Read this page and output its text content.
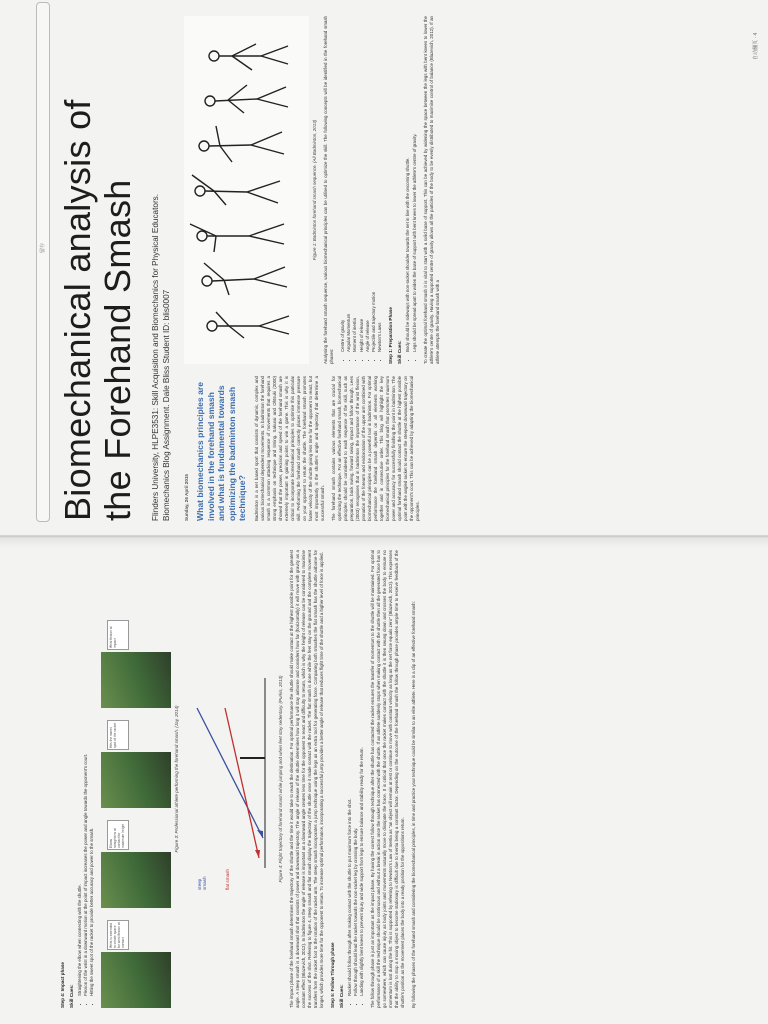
Biomechanical analysis of the Forehand Smash Flinders University, HLPE3531: Skill Acquisition and Biomechanics for Physical Educators. Biomechanics Blog Assignment. Dale Bliss Student ID: blis0007	Sunday, 26 April 2015 What biomechanics principles are involved in the forehand smash and what is fundamental towards optimizing the badminton smash technique? Badminton is a net based sport that consists of dynamic, complex and various biomechanical dependent movements. In badminton the forehand smash is a common attacking sequence of movements that requires a strong emphasis on technique and timing. Sakurai and Ohtsuki (2000) showed that the power, precision and speed of the forehand smash are extremely important in gaining points to win a game. This is why it is critical to incorporate biomechanical principles to optimise this particular skill. Performing the forehand smash correctly places immense pressure on your opponent to return the shuttle. The forehand smash promotes faster velocity of the shuttle giving less time for the opponent to react, but most importantly is the shuttle's angle and trajectory that determine a successful smash. The forehand smash contains various elements that are crucial for optimizing the technique. For an effective forehand smash, biomechanical principles should be considered to each sequence of the skill, such as preparation, back swing, forward swing, impact and follow through. Lees (2003) recognises that in badminton the importance of the wrist flexion, pronation of the forearm and endorotation of the upper arm combined with biomechanical principles can be a powerful tool in badminton. For optimal performance the forehand smash depends on all elements working together and in consecutive order. This blog will highlight the key biomechanical principles for the forehand smash that promotes maximum power and accuracy for successfully finishing the point in badminton. The optimal forehand smash should contact the shuttle at the highest possible point with the angled racket to ensure the steepest downward trajectory on the opponent's court. This can be achieved by adapting the biomechanical principles.

Figure 1: Badminton forehand smash sequence. (All Badminton, 2013) Analysing the forehand smash sequence, various biomechanical principles can be utilised to optimize the skill. The following concepts will be identified in the forehand smash phases:

• Centre of gravity • Angular Momentum • Moment of inertia • Height of release • Angle of release • Projectile and trajectory motion • Newton's Laws Step 1: Preparation Phase Skill Cues:
• Body should be sideways with non-racket shoulder towards the net in line with the oncoming shuttle. • Legs should be spread apart to widen the base of support with bent knees to lower the athlete's centre of gravity. To create the optimal forehand smash it is vital to start with a solid base of support. This can be achieved by widening the space between the legs with bent knees to lower the athlete's centre of gravity. Having a supported centre of gravity allows all the particles of the body to be evenly distributed to maximise control of balance (Blazevich, 2012). If an athlete attempts the forehand smash with a

Step 4: Impact phase Skill Cues:
• Straightening the elbow when connecting with the shuttle. • Flexion of the wrist in a downward motion at the point of impact increases the power and angle towards the opponent's court. • Hitting the sweet spot of the racket to provide better accuracy and power to the smash.	Wrist is extended to create space for wrist flexion at contact
Elbow straightens at contact for maximum height
Hits the sweet spot of the racket
Wrist flexion at impact
Figure 3: Professional athlete performing the forehand smash. (Jay, 2014)
steep smash	flat smash	Figure 4: Flight trajectory of forehand smash while jumping and when feet stay sedentary. (Purkis, 2013) The impact phase of the forehand smash determines the trajectory of the shuttle and the time it would take to reach the destination. For optimal performance the shuttle should make contact at the highest possible point for the greatest angle. A steep smash is a downward shot that consists of power and downward trajectory. The angle of release of the shuttle determines how long it will stay airborne and considers how far (horizontally) it will move with gravity as a constant effect (Blazevich, 2012). In badminton the angle of release is important as a downward angle creates less time for the opponent to react and difficulty to return, which is why the height of release can be considered to maximise the success of the shot. Referring to figure 4, steep smash and flat smash display the trajectory of the shuttle once it made contact with the racket. The flat smash is done while the feet stay on the ground and the complete movement transfers from the racket foot to the rotation of the racket arm. The steep smash incorporates a jump technique using the legs as an extra tool for generating force. Comparing both smashes the flat smash has the shuttle airborne for longer, which provides more time for the opponent to return. To increase optimal performance, incorporating a successful jump provides a better angle of release that reduces flight time of the shuttle and a higher level of force is applied. Step 5: Follow Through phase Skill Cues:
• Racket should follow through after making contact with the shuttle to put maximum force into the shot. • Follow through should lead the racket towards the non-racket leg by crossing the body. • Landing with slightly bent knees to prevent injury and wide support from legs to ensure balance and stability ready for the return. The follow through phase is just as important as the impact phase. By having the correct follow through technique after the shuttle has contacted the racket ensures the transfer of momentum to the shuttle will be maintained. For optimal performance of a skill the technique should be continuous and without a break in action once the racket has connected with the shuttle. If an athlete suddenly stops when making contact with the shuttle then all the generated force has to go somewhere, which can cause injury as body joints and movements naturally move to dissipate the force. It is critical that once the racket makes contact with the shuttle it is then swung down and crosses the body to ensure no momentum is lost during the hit. This is supported by referring to Newton's Law of Inertia as "an object will remain at rest or continue to move with constant velocity as long as the net force equals zero" (Blazevich, 2012). This expresses that the ability to stop a moving object to become stationary is difficult due to inertia being a constant factor. Depending on the outcome of the forehand smash the follow through phase provides ample time to receive feedback of the shuttle's position as the movement places the body into a ready position for the oppositions return. By following the phases of the forehand smash and considering the biomechanical principles, in time and practice your technique could be similar to an elite athlete. Here is a clip of an effective forehand smash:

留存
自动翻页 · 4
